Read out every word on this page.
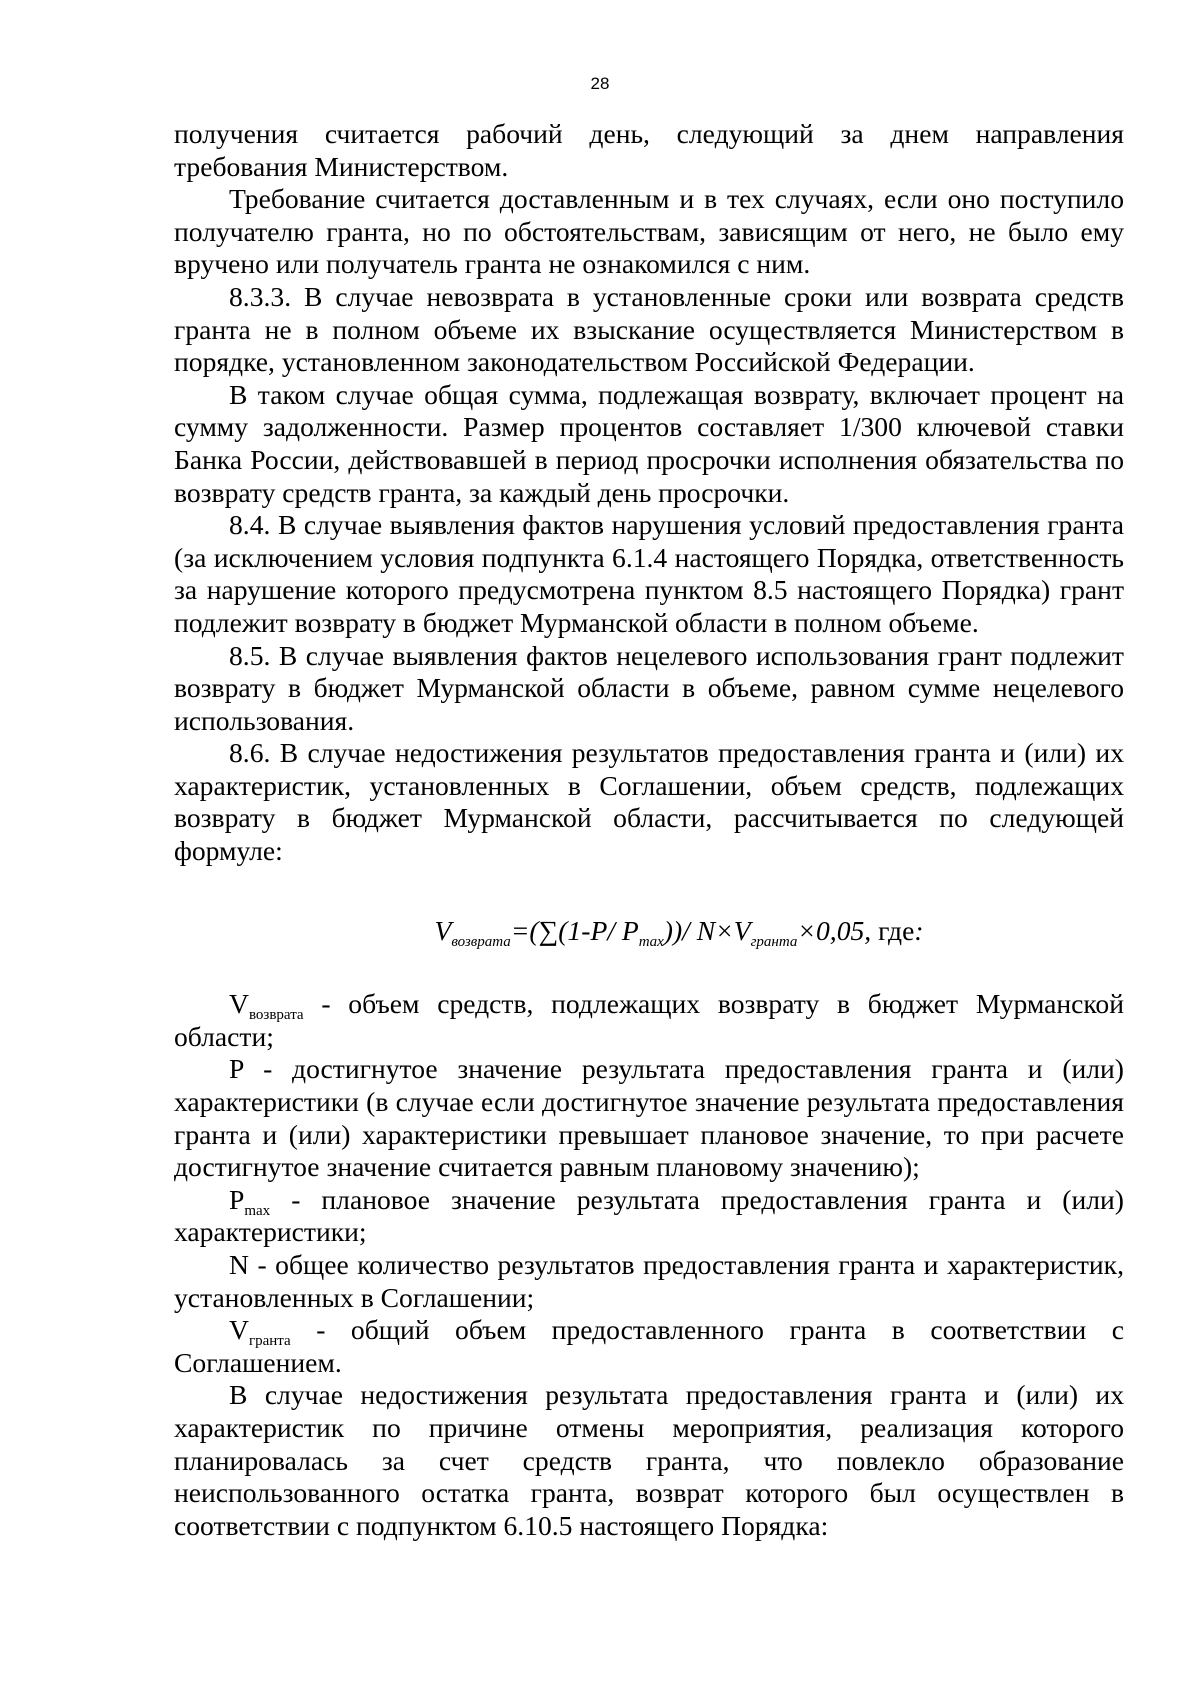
28

получения считается рабочий день, следующий за днем направления требования Министерством.

Требование считается доставленным и в тех случаях, если оно поступило получателю гранта, но по обстоятельствам, зависящим от него, не было ему вручено или получатель гранта не ознакомился с ним.

8.3.3. В случае невозврата в установленные сроки или возврата средств гранта не в полном объеме их взыскание осуществляется Министерством в порядке, установленном законодательством Российской Федерации.

В таком случае общая сумма, подлежащая возврату, включает процент на сумму задолженности. Размер процентов составляет 1/300 ключевой ставки Банка России, действовавшей в период просрочки исполнения обязательства по возврату средств гранта, за каждый день просрочки.

8.4. В случае выявления фактов нарушения условий предоставления гранта (за исключением условия подпункта 6.1.4 настоящего Порядка, ответственность за нарушение которого предусмотрена пунктом 8.5 настоящего Порядка) грант подлежит возврату в бюджет Мурманской области в полном объеме.

8.5. В случае выявления фактов нецелевого использования грант подлежит возврату в бюджет Мурманской области в объеме, равном сумме нецелевого использования.

8.6. В случае недостижения результатов предоставления гранта и (или) их характеристик, установленных в Соглашении, объем средств, подлежащих возврату в бюджет Мурманской области, рассчитывается по следующей формуле:

$V_{возврата}=(\sum(1-P/$ $P_{max}))/$ $N\times V_{гранта}\times 0,05$, где:

$V_{возврата}$ - объем средств, подлежащих возврату в бюджет Мурманской области;

P - достигнутое значение результата предоставления гранта и (или) характеристики (в случае если достигнутое значение результата предоставления гранта и (или) характеристики превышает плановое значение, то при расчете достигнутое значение считается равным плановому значению);

$P_{max}$ - плановое значение результата предоставления гранта и (или) характеристики;

N - общее количество результатов предоставления гранта и характеристик, установленных в Соглашении;

$V_{гранта}$ - общий объем предоставленного гранта в соответствии с Соглашением.

В случае недостижения результата предоставления гранта и (или) их характеристик по причине отмены мероприятия, реализация которого планировалась за счет средств гранта, что повлекло образование неиспользованного остатка гранта, возврат которого был осуществлен в соответствии с подпунктом 6.10.5 настоящего Порядка:
